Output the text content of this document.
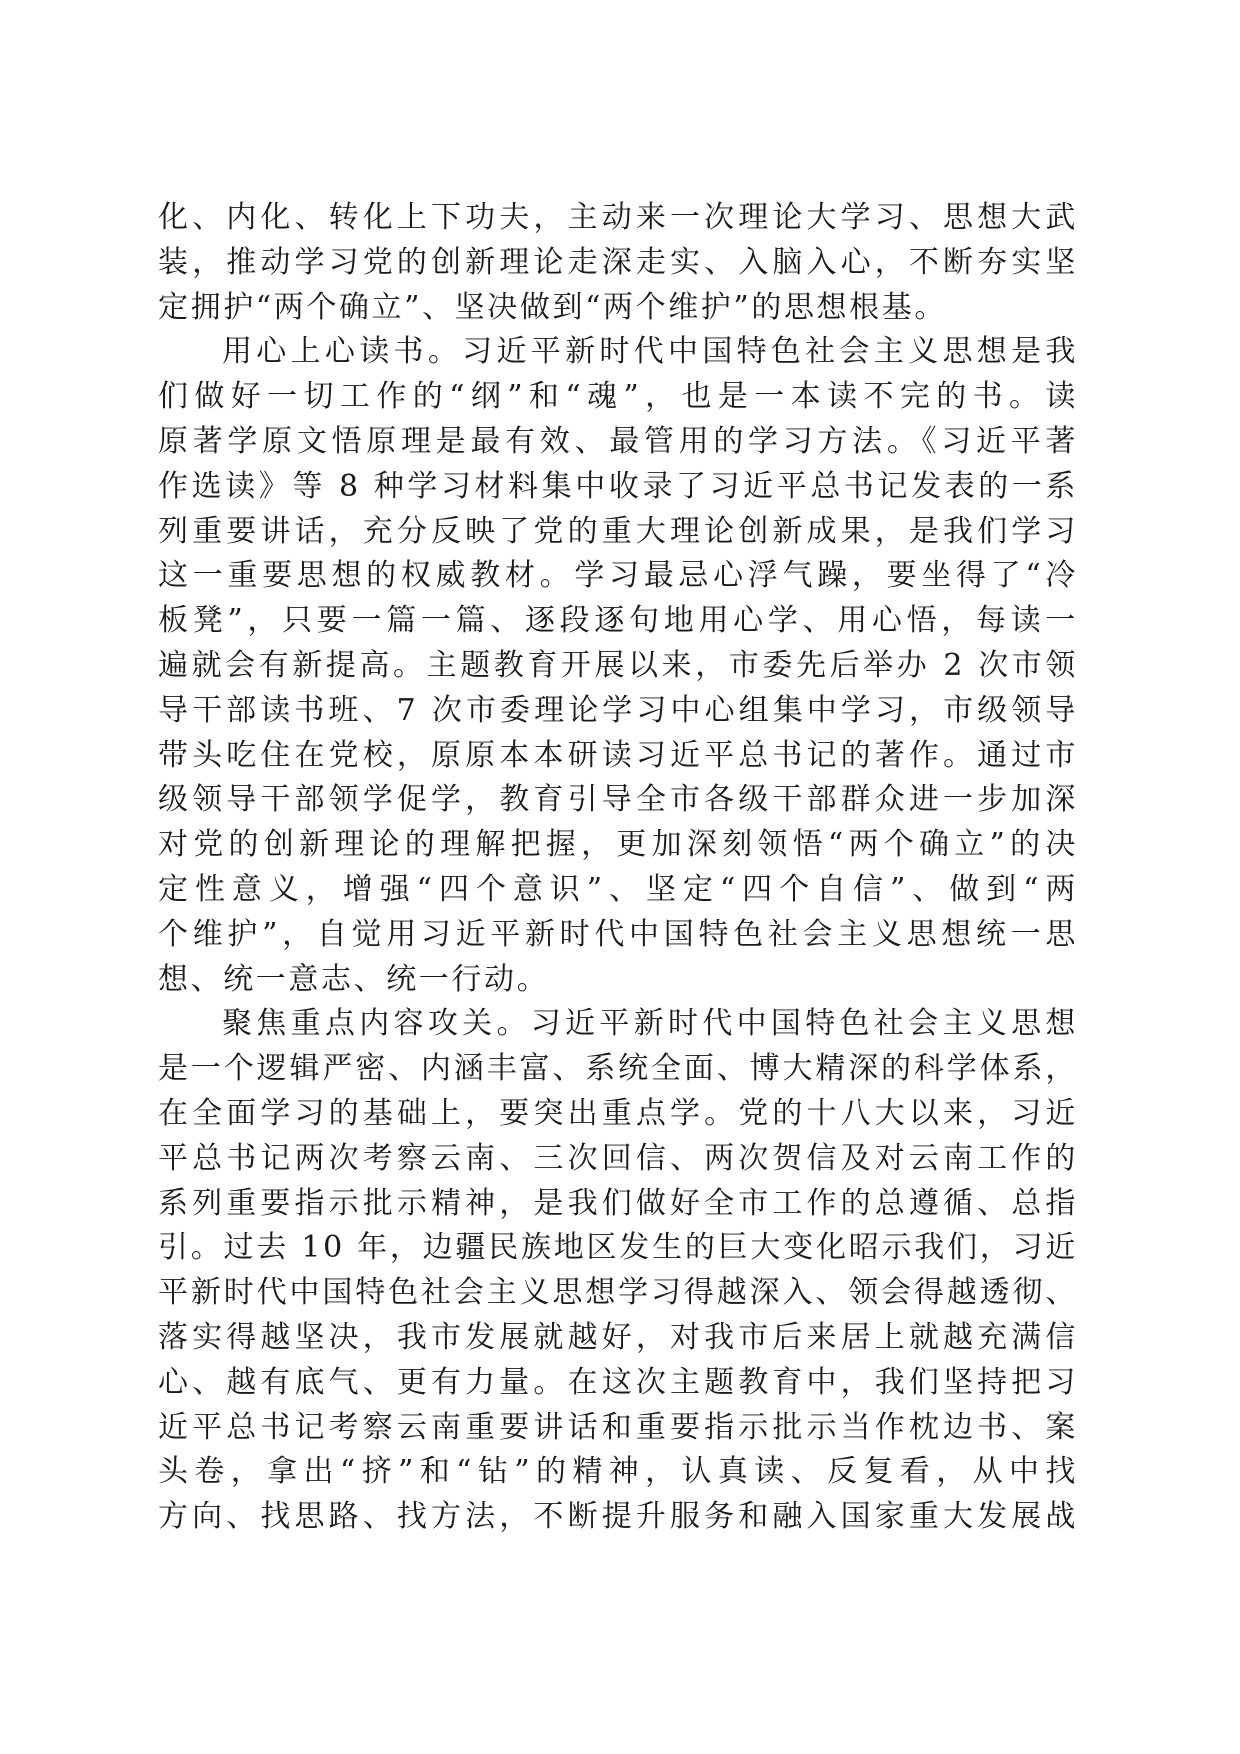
化、内化、转化上下功夫，主动来一次理论大学习、思想大武
装，推动学习党的创新理论走深走实、入脑入心，不断夯实坚
定拥护“两个确立”、坚决做到“两个维护”的思想根基。
用心上心读书。习近平新时代中国特色社会主义思想是我
们做好一切工作的“纲”和“魂”，也是一本读不完的书。读
原著学原文悟原理是最有效、最管用的学习方法。《习近平著
作选读》等 8 种学习材料集中收录了习近平总书记发表的一系
列重要讲话，充分反映了党的重大理论创新成果，是我们学习
这一重要思想的权威教材。学习最忌心浮气躁，要坐得了“冷
板凳”，只要一篇一篇、逐段逐句地用心学、用心悟，每读一
遍就会有新提高。主题教育开展以来，市委先后举办 2 次市领
导干部读书班、7 次市委理论学习中心组集中学习，市级领导
带头吃住在党校，原原本本研读习近平总书记的著作。通过市
级领导干部领学促学，教育引导全市各级干部群众进一步加深
对党的创新理论的理解把握，更加深刻领悟“两个确立”的决
定性意义，增强“四个意识”、坚定“四个自信”、做到“两
个维护”，自觉用习近平新时代中国特色社会主义思想统一思
想、统一意志、统一行动。
聚焦重点内容攻关。习近平新时代中国特色社会主义思想
是一个逻辑严密、内涵丰富、系统全面、博大精深的科学体系，
在全面学习的基础上，要突出重点学。党的十八大以来，习近
平总书记两次考察云南、三次回信、两次贺信及对云南工作的
系列重要指示批示精神，是我们做好全市工作的总遵循、总指
引。过去 10 年，边疆民族地区发生的巨大变化昭示我们，习近
平新时代中国特色社会主义思想学习得越深入、领会得越透彻、
落实得越坚决，我市发展就越好，对我市后来居上就越充满信
心、越有底气、更有力量。在这次主题教育中，我们坚持把习
近平总书记考察云南重要讲话和重要指示批示当作枕边书、案
头卷，拿出“挤”和“钻”的精神，认真读、反复看，从中找
方向、找思路、找方法，不断提升服务和融入国家重大发展战
